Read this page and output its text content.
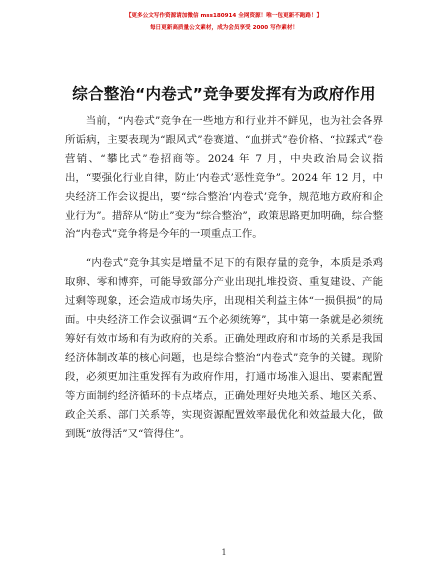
【更多公文写作资源请加微信 mss180914 全网资源！唯一包更新不跑路！】
每日更新高质量公文素材，成为会员享受 2000 写作素材！
综合整治“内卷式”竞争要发挥有为政府作用

当前，“内卷式”竞争在一些地方和行业并不鲜见，也为社会各界所诟病，主要表现为“跟风式”卷赛道、“血拼式”卷价格、“拉踩式”卷营销、“攀比式”卷招商等。2024 年 7 月，中央政治局会议指出，“要强化行业自律，防止‘内卷式’恶性竞争”。2024 年 12 月，中央经济工作会议提出，要“综合整治‘内卷式’竞争，规范地方政府和企业行为”。措辞从“防止”变为“综合整治”，政策思路更加明确，综合整治“内卷式”竞争将是今年的一项重点工作。

“内卷式”竞争其实是增量不足下的有限存量的竞争，本质是杀鸡取卵、零和博弈，可能导致部分产业出现扎堆投资、重复建设、产能过剩等现象，还会造成市场失序，出现相关利益主体“一损俱损”的局面。中央经济工作会议强调“五个必须统筹”，其中第一条就是必须统筹好有效市场和有为政府的关系。正确处理政府和市场的关系是我国经济体制改革的核心问题，也是综合整治“内卷式”竞争的关键。现阶段，必须更加注重发挥有为政府作用，打通市场准入退出、要素配置等方面制约经济循环的卡点堵点，正确处理好央地关系、地区关系、政企关系、部门关系等，实现资源配置效率最优化和效益最大化，做到既“放得活”又“管得住”。

1
